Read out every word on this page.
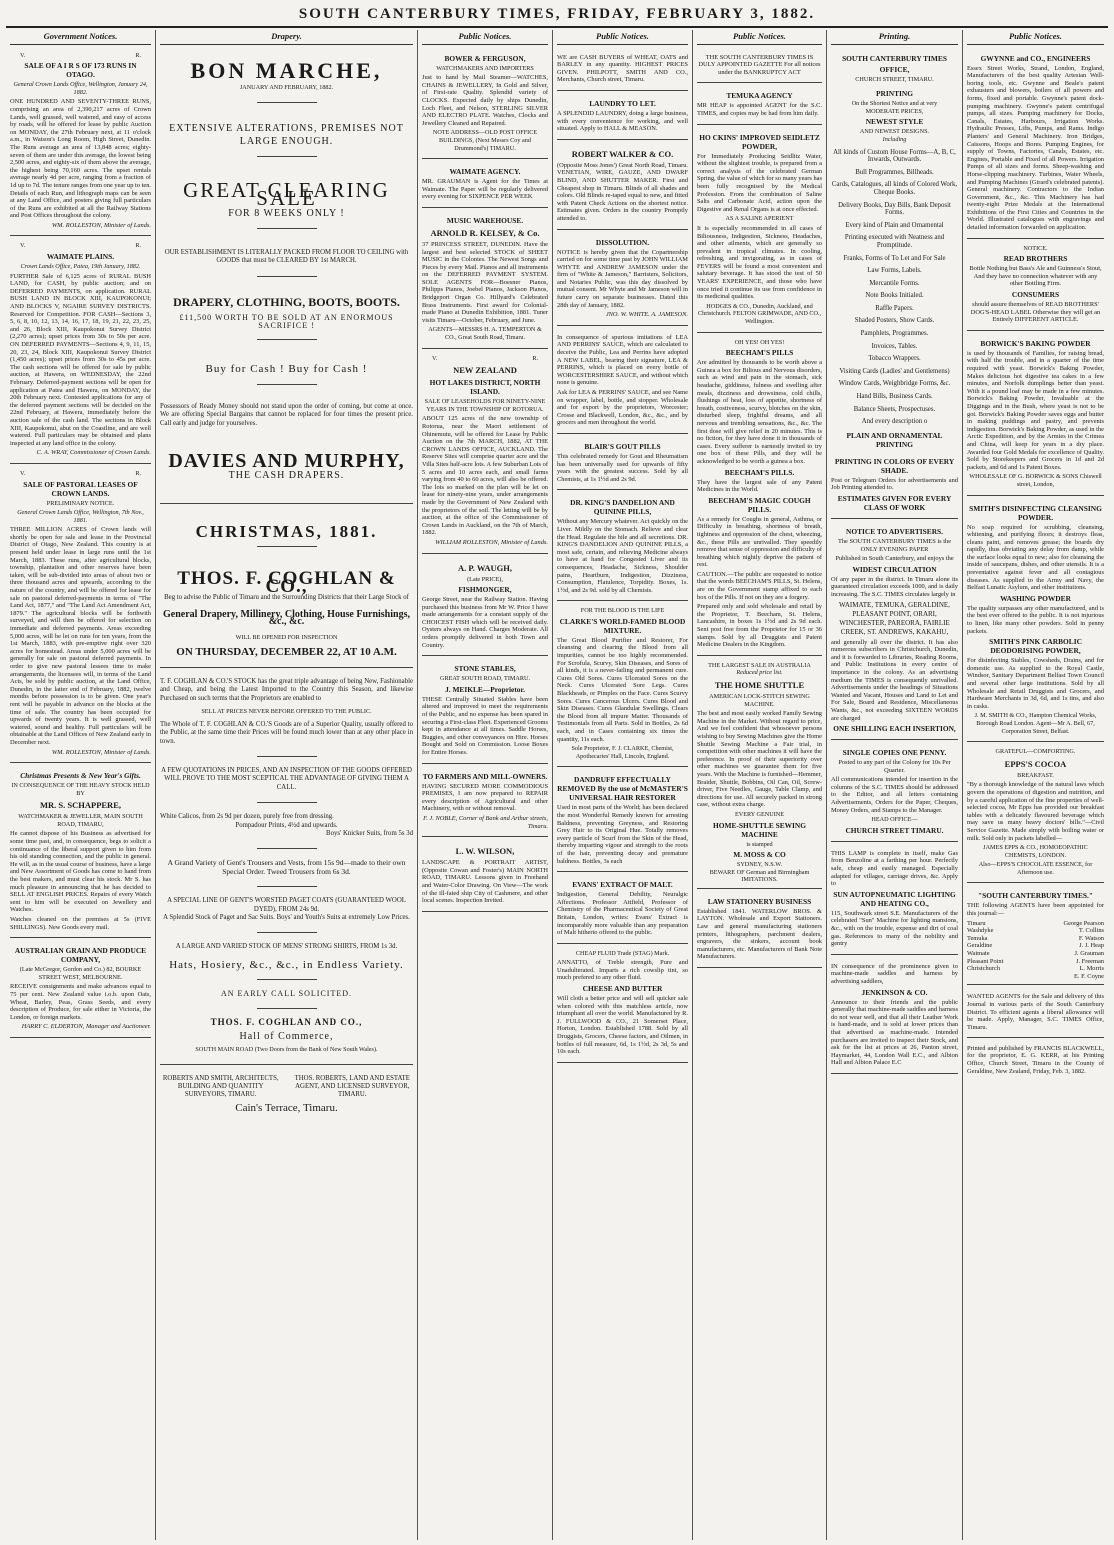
SOUTH CANTERBURY TIMES, FRIDAY, FEBRUARY 3, 1882.
Government Notices.
V.	R.
SALE OF A I R S OF 173 RUNS IN OTAGO.

General Crown Lands Office, Wellington, January 24, 1882.

ONE HUNDRED AND SEVENTY-THREE RUNS, comprising an area of 2,390,217 acres of Crown Lands, well grassed, well watered, and easy of access by roads, will be offered for lease by public Auction on MONDAY, the 27th February next, at 11 o'clock a.m., in Watson's Long Room, High Street, Dunedin. The Runs average an area of 13,848 acres; eighty-seven of them are under this average, the lowest being 2,500 acres, and eighty-six of them above the average, the highest being 70,160 acres. The upset rentals average nearly 4d per acre, ranging from a fraction of 1d up to 7d. The tenure ranges from one year up to ten. Details of each Run, and lithograph maps can be seen at any Land Office, and posters giving full particulars of the Runs are exhibited at all the Railway Stations and Post Offices throughout the colony.

WM. ROLLESTON, Minister of Lands.

V.	R.
WAIMATE PLAINS.

Crown Lands Office, Patea, 19th January, 1882.

FURTHER Sale of 6,125 acres of RURAL BUSH LAND, for CASH, by public auction; and on DEFERRED PAYMENTS, on application. RURAL BUSH LAND IN BLOCK XIII, KAUPOKONUI; AND BLOCKS V, NGAIRE SURVEY DISTRICTS. Reserved for Competition. FOR CASH—Sections 3, 5, 6, 8, 10, 12, 13, 14, 16, 17, 18, 19, 21, 22, 23, 25, and 26, Block XIII, Kaupokonui Survey District (2,270 acres); upset prices from 30s to 50s per acre. ON DEFERRED PAYMENTS—Sections 4, 9, 11, 15, 20, 23, 24, Block XIII, Kaupokonui Survey District (1,450 acres); upset prices from 30s to 45s per acre. The cash sections will be offered for sale by public auction, at Hawera, on WEDNESDAY, the 22nd February. Deferred-payment sections will be open for application at Patea and Hawera, on MONDAY, the 20th February next. Contested applications for any of the deferred payment sections will be decided on the 22nd February, at Hawera, immediately before the auction sale of the cash land. The sections in Block XIII, Kaupokonui, abut on the Coastline, and are well watered. Full particulars may be obtained and plans inspected at any land office in the colony.

C. A. WRAY, Commissioner of Crown Lands.

V.	R.
SALE OF PASTORAL LEASES OF CROWN LANDS.

PRELIMINARY NOTICE.

General Crown Lands Office, Wellington, 7th Nov., 1881.

THREE MILLION ACRES of Crown lands will shortly be open for sale and lease in the Provincial District of Otago, New Zealand. This country is at present held under lease in large runs until the 1st March, 1883. These runs, after agricultural blocks, township, plantation and other reserves have been taken, will be sub-divided into areas of about two or three thousand acres and upwards, according to the nature of the country, and will be offered for lease for sale on pastoral deferred-payments in terms of "The Land Act, 1877," and "The Land Act Amendment Act, 1879." The agricultural blocks will be forthwith surveyed, and will then be offered for selection on immediate and deferred payments. Areas exceeding 5,000 acres, will be let on runs for ten years, from the 1st March, 1883, with pre-emptive right over 320 acres for homestead. Areas under 5,000 acres will be generally for sale on pastoral deferred payments. In order to give new pastoral lessees time to make arrangements, the licensees will, in terms of the Land Acts, be sold by public auction, at the Land Office, Dunedin, in the latter end of February, 1882, twelve months before possession is to be given. One year's rent will be payable in advance on the blocks at the time of sale. The country has been occupied for upwards of twenty years. It is well grassed, well watered, sound and healthy. Full particulars will be obtainable at the Land Offices of New Zealand early in December next.

WM. ROLLESTON, Minister of Lands.

Christmas Presents & New Year's Gifts.

IN CONSEQUENCE OF THE HEAVY STOCK HELD BY

MR. S. SCHAPPERE,

WATCHMAKER & JEWELLER, MAIN SOUTH ROAD, TIMARU,

He cannot dispose of his Business as advertised for some time past, and, in consequence, begs to solicit a continuance of the liberal support given to him from his old standing connection, and the public in general. He will, as in the usual course of business, have a large and New Assortment of Goods has come to hand from the best makers, and must clear his stock. Mr S. has much pleasure in announcing that he has decided to SELL AT ENGLISH PRICES. Repairs of every Watch sent to him will be executed on Jewellery and Watches.

Watches cleaned on the premises at 5s (FIVE SHILLINGS). New Goods every mail.

AUSTRALIAN GRAIN AND PRODUCE COMPANY,

(Late McGregor, Gordon and Co.) 82, BOURKE STREET WEST, MELBOURNE.

RECEIVE consignments and make advances equal to 75 per cent. New Zealand value i.o.b. upon Oats, Wheat, Barley, Peas, Grass Seeds, and every description of Produce, for sale either in Victoria, the London, or foreign markets.

HARRY C. ELDERTON, Manager and Auctioneer.

Drapery.
BON MARCHE,
JANUARY AND FEBRUARY, 1882.
EXTENSIVE ALTERATIONS, PREMISES NOT
LARGE ENOUGH.
GREAT CLEARING SALE
FOR 8 WEEKS ONLY !
OUR ESTABLISHMENT IS LITERALLY PACKED FROM FLOOR TO CEILING with GOODS that must be CLEARED BY 1st MARCH.
DRAPERY, CLOTHING, BOOTS, BOOTS.
£11,500 WORTH TO BE SOLD AT AN ENORMOUS SACRIFICE !
Buy for Cash ! Buy for Cash !
Possessors of Ready Money should not stand upon the order of coming, but come at once. We are offering Special Bargains that cannot be replaced for four times the present price. Call early and judge for yourselves.
DAVIES AND MURPHY,
THE CASH DRAPERS.
CHRISTMAS, 1881.
THOS. F. COGHLAN & CO.,
Beg to advise the Public of Timaru and the Surrounding Districts that their Large Stock of
General Drapery, Millinery, Clothing, House Furnishings, &c., &c.
WILL BE OPENED FOR INSPECTION
ON THURSDAY, DECEMBER 22, AT 10 A.M.
T. F. COGHLAN & CO.'S STOCK has the great triple advantage of being New, Fashionable and Cheap, and being the Latest Imported to the Country this Season, and likewise Purchased on such terms that the Proprietors are enabled to
SELL AT PRICES NEVER BEFORE OFFERED TO THE PUBLIC.
The Whole of T. F. COGHLAN & CO.'S Goods are of a Superior Quality, usually offered to the Public, at the same time their Prices will be found much lower than at any other place in town.
A FEW QUOTATIONS IN PRICES, AND AN INSPECTION OF THE GOODS OFFERED WILL PROVE TO THE MOST SCEPTICAL THE ADVANTAGE OF GIVING THEM A CALL.
White Calicos, from 2s 9d per dozen, purely free from dressing.
Pompadour Prints, 4½d and upwards.
Boys' Knicker Suits, from 5s 3d
A Grand Variety of Gent's Trousers and Vests, from 15s 9d—made to their own Special Order. Tweed Trousers from 6s 3d.
A SPECIAL LINE OF GENT'S WORSTED PAGET COATS (GUARANTEED WOOL DYED), FROM 24s 9d.
A Splendid Stock of Paget and Sac Suits. Boys' and Youth's Suits at extremely Low Prices.
A LARGE AND VARIED STOCK OF MENS' STRONG SHIRTS, FROM 1s 3d.
Hats, Hosiery, &c., &c., in Endless Variety.
AN EARLY CALL SOLICITED.
THOS. F. COGHLAN AND CO.,
Hall of Commerce,
SOUTH MAIN ROAD (Two Doors from the Bank of New South Wales).
ROBERTS AND SMITH, ARCHITECTS, BUILDING AND QUANTITY SURVEYORS, TIMARU.
THOS. ROBERTS, LAND AND ESTATE AGENT, AND LICENSED SURVEYOR, TIMARU.
Cain's Terrace, Timaru.
Public Notices.
BOWER & FERGUSON,
WATCHMAKERS AND IMPORTERS

Just to hand by Mail Steamer—WATCHES, CHAINS & JEWELLERY, In Gold and Silver, of First-rate Quality. Splendid variety of CLOCKS. Expected daily by ships Dunedin, Loch Fleet, and Nelson, STERLING SILVER AND ELECTRO PLATE. Watches, Clocks and Jewellery Cleaned and Repaired.

NOTE ADDRESS—OLD POST OFFICE BUILDINGS, (Next Messrs Coy and Drummond's) TIMARU.

WAIMATE AGENCY.

MR. GRAUMAN is Agent for the Times at Waimate. The Paper will be regularly delivered every evening for SIXPENCE PER WEEK

MUSIC WAREHOUSE.
ARNOLD R. KELSEY, & Co.

37 PRINCESS STREET, DUNEDIN. Have the largest and best selected STOCK of SHEET MUSIC in the Colonies. The Newest Songs and Pieces by every Mail. Pianos and all instruments on the DEFERRED PAYMENT SYSTEM. SOLE AGENTS FOR—Boesner Pianos, Philipps Pianos, Joebel Pianos, Jackson Pianos, Bridgeport Organ Co. Hillyard's Celebrated Brass Instruments. First award for Colonial-made Piano at Dunedin Exhibition, 1881. Tuner visits Timaru—October, February, and June.

AGENTS—MESSRS H. A. TEMPERTON & CO., Great South Road, Timaru.

V.	R.
NEW ZEALAND
HOT LAKES DISTRICT, NORTH ISLAND.
SALE OF LEASEHOLDS FOR NINETY-NINE YEARS IN THE TOWNSHIP OF ROTORUA.

ABOUT 125 acres of the new township of Rotorua, near the Maori settlement of Ohinemutu, will be offered for Lease by Public Auction on the 7th MARCH, 1882, AT THE CROWN LANDS OFFICE, AUCKLAND. The Reserve Sites will comprise quarter acre and the Villa Sites half-acre lots. A few Suburban Lots of 5 acres and 10 acres each, and small farms varying from 40 to 60 acres, will also be offered. The lots so marked on the plan will be let on lease for ninety-nine years, under arrangements made by the Government of New Zealand with the proprietors of the soil. The letting will be by auction, at the office of the Commissioner of Crown Lands in Auckland, on the 7th of March, 1882.

WILLIAM ROLLESTON, Minister of Lands.

A. P. WAUGH,
(Late PRICE),
FISHMONGER,

George Street, near the Railway Station. Having purchased this business from Mr W. Price I have made arrangements for a constant supply of the CHOICEST FISH which will be received daily. Oysters always on Hand. Charges Moderate. All orders promptly delivered in both Town and Country.

STONE STABLES,
GREAT SOUTH ROAD, TIMARU.
J. MEIKLE—Proprietor.

THESE Centrally Situated Stables have been altered and improved to meet the requirements of the Public, and no expense has been spared in securing a First-class Fleet. Experienced Grooms kept in attendance at all times. Saddle Horses, Buggies, and other conveyances on Hire. Horses Bought and Sold on Commission. Loose Boxes for Entire Horses.

TO FARMERS AND MILL-OWNERS.

HAVING SECURED MORE COMMODIOUS PREMISES, I am now prepared to REPAIR every description of Agricultural and other Machinery, with or without removal.

F. J. NOBLE, Corner of Bank and Arthur streets, Timaru.

L. W. WILSON,

LANDSCAPE & PORTRAIT ARTIST, (Opposite Cowan and Foster's) MAIN NORTH ROAD, TIMARU. Lessons given in Freehand and Water-Color Drawing. On View—The work of the ill-fated ship City of Cashmere, and other local scenes. Inspection Invited.

Public Notices.

WE are CASH BUYERS of WHEAT, OATS and BARLEY in any quantity. HIGHEST PRICES GIVEN. PHILPOTT, SMITH AND CO., Merchants, Church street, Timaru.

LAUNDRY TO LET.

A SPLENDID LAUNDRY, doing a large business, with every convenience for working, and well situated. Apply to HALL & MEASON.

ROBERT WALKER & CO.

(Opposite Moss Jones') Great North Road, Timaru. VENETIAN, WIRE, GAUZE, AND DWARF BLIND, AND SHUTTER MAKER. First and Cheapest shop in Timaru. Blinds of all shades and colors. Old Blinds re-taped equal to new, and fitted with Patent Check Actions on the shortest notice. Estimates given. Orders in the country Promptly attended to.

DISSOLUTION.

NOTICE is hereby given that the Copartnership carried on for some time past by JOHN WILLIAM WHYTE and ANDREW JAMESON under the firm of "White & Jameson," Barristers, Solicitors, and Notaries Public, was this day dissolved by mutual consent. Mr Whyte and Mr Jameson will in future carry on separate businesses. Dated this 28th day of January, 1882.

JNO. W. WHITE. A. JAMESON.

In consequence of spurious imitations of LEA AND PERRINS' SAUCE, which are calculated to deceive the Public, Lea and Perrins have adopted A NEW LABEL, bearing their signature, LEA & PERRINS, which is placed on every bottle of WORCESTERSHIRE SAUCE, and without which none is genuine.

Ask for LEA & PERRINS' SAUCE, and see Name on wrapper, label, bottle, and stopper. Wholesale and for export by the proprietors, Worcester; Crosse and Blackwell, London, &c., &c., and by grocers and men throughout the world.

BLAIR'S GOUT PILLS

This celebrated remedy for Gout and Rheumatism has been universally used for upwards of fifty years with the greatest success. Sold by all Chemists, at 1s 1½d and 2s 9d.

DR. KING'S DANDELION AND QUININE PILLS,

Without any Mercury whatever. Act quickly on the Liver. Mildly on the Stomach. Relieve and clear the Head. Regulate the bile and all secretions. DR. KING'S DANDELION AND QUININE PILLS, a most safe, certain, and relieving Medicine always to have at hand for Congested Liver and its consequences, Headache, Sickness, Shoulder pains, Heartburn, Indigestion, Dizziness, Consumption, Flatulence, Torpidity. Boxes, 1s. 1½d, and 2s 9d. sold by all Chemists.

FOR THE BLOOD IS THE LIFE
CLARKE'S WORLD-FAMED BLOOD MIXTURE.

The Great Blood Purifier and Restorer, For cleansing and clearing the Blood from all impurities, cannot be too highly recommended. For Scrofula, Scurvy, Skin Diseases, and Sores of all kinds, it is a never-failing and permanent cure. Cures Old Sores. Cures Ulcerated Sores on the Neck. Cures Ulcerated Sore Legs. Cures Blackheads, or Pimples on the Face. Cures Scurvy Sores. Cures Cancerous Ulcers. Cures Blood and Skin Diseases. Cures Glandular Swellings. Clears the Blood from all impure Matter. Thousands of Testimonials from all Parts. Sold in Bottles, 2s 6d each, and in Cases containing six times the quantity, 11s each.

Sole Proprietor, F. J. CLARKE, Chemist, Apothecaries' Hall, Lincoln, England.

DANDRUFF EFFECTUALLY REMOVED By the use of McMASTER'S UNIVERSAL HAIR RESTORER

Used in most parts of the World; has been declared the most Wonderful Remedy known for arresting Baldness, preventing Greyness, and Restoring Grey Hair to its Original Hue. Totally removes every particle of Scurf from the Skin of the Head, thereby imparting vigour and strength to the roots of the hair, preventing decay and premature baldness. Bottles, 3s each

EVANS' EXTRACT OF MALT.

Indigestion, General Debility, Neuralgic Affections. Professor Attfield, Professor of Chemistry of the Pharmaceutical Society of Great Britain, London, writes: Evans' Extract is incomparably more valuable than any preparation of Malt hitherto offered to the public.

CHEAP FLUID Trade (STAG) Mark.

ANNATTO, of Treble strength, Pure and Unadulterated. Imparts a rich cowslip tint, so much prefered to any other fluid.

CHEESE AND BUTTER

Will cloth a better price and will sell quicker sale when colored with this matchless article, now triumphant all over the world. Manufactured by R. J. FULLWOOD & CO., 21 Somerset Place, Horton, London. Established 1788. Sold by all Druggists, Grocers, Cheese factors, and Oilmen, in bottles of full measure, 6d, 1s 1½d, 2s 3d, 5s and 10s each.

Public Notices.

THE SOUTH CANTERBURY TIMES IS DULY APPOINTED GAZETTE For all notices under the BANKRUPTCY ACT

TEMUKA AGENCY

MR HEAP is appointed AGENT for the S.C. TIMES, and copies may be had from him daily.

HO CKINS' IMPROVED SEIDLETZ POWDER,

For Immediately Producing Seidlitz Water, without the slightest trouble, is prepared from a correct analysis of the celebrated German Spring, the value of which for so many years has been fully recognised by the Medical Profession. From the combination of Saline Salts and Carbonate Acid, action upon the Digestive and Renal Organs is at once effected.

AS A SALINE APERIENT

It is especially recommended in all cases of Biliousness, Indigestion, Sickness, Headaches, and other ailments, which are generally so prevalent in tropical climates. In cooling, refreshing, and invigorating, as in cases of FEVERS will be found a most convenient and salutary beverage. It has stood the test of 50 YEARS' EXPERIENCE, and those who have once tried it continue its use from confidence in its medicinal qualities.

HODGES & CO., Dunedin, Auckland, and Christchurch. FELTON GRIMWADE, AND CO., Wellington.

OH YES! OH YES!
BEECHAM'S PILLS

Are admitted by thousands to be worth above a Guinea a box for Bilious and Nervous disorders, such as wind and pain in the stomach, sick headache, giddiness, fulness and swelling after meals, dizziness and drowsiness, cold chills, flushings of heat, loss of appetite, shortness of breath, costiveness, scurvy, blotches on the skin, disturbed sleep, frightful dreams, and all nervous and trembling sensations, &c., &c. The first dose will give relief in 20 minutes. This is no fiction, for they have done it in thousands of cases. Every sufferer is earnestly invited to try one box of these Pills, and they will be acknowledged to be worth a guinea a box.

BEECHAM'S PILLS.

They have the largest sale of any Patent Medicines in the World.

BEECHAM'S MAGIC COUGH PILLS.

As a remedy for Coughs in general, Asthma, or Difficulty in breathing, shortness of breath, tightness and oppression of the chest, wheezing, &c., these Pills are unrivalled. They speedily remove that sense of oppression and difficulty of breathing which nightly deprive the patient of rest.

CAUTION.—The public are requested to notice that the words BEECHAM'S PILLS, St. Helens, are on the Government stamp affixed to each box of the Pills. If not on they are a forgery.

Prepared only and sold wholesale and retail by the Proprietor, T. Beecham, St. Helens, Lancashire, in boxes 1s 1½d and 2s 9d each. Sent post free from the Proprietor for 15 or 36 stamps. Sold by all Druggists and Patent Medicine Dealers in the Kingdom.

THE LARGEST SALE IN AUSTRALIA
Reduced price list.
THE HOME SHUTTLE
AMERICAN LOCK-STITCH SEWING MACHINE.

The best and most easily worked Family Sewing Machine in the Market. Without regard to price, And we feel confident that whosoever persons wishing to buy Sewing Machines give the Home Shuttle Sewing Machine a Fair trial, in competition with other machines it will have the preference. In proof of their superiority over other machines we guarantee them for five years. With the Machine is furnished—Hemmer, Braider, Shuttle, Bobbins, Oil Can, Oil, Screw-driver, Five Needles, Gauge, Table Clamp, and directions for use. All securely packed in strong case, without extra charge.

EVERY GENUINE
HOME-SHUTTLE SEWING MACHINE
is stamped
M. MOSS & CO
SYDNEY, N.S.W.
BEWARE OF German and Birmingham IMITATIONS.
LAW STATIONERY BUSINESS

Established 1841. WATERLOW BROS. & LAYTON. Wholesale and Export Stationers. Law and general manufacturing stationers printers, lithographers, parchment dealers, engravers, die sinkers, account book manufacturers, etc. Manufacturers of Bank Note Manufacturers.

Printing.
SOUTH CANTERBURY TIMES
OFFICE,
CHURCH STREET, TIMARU.
PRINTING
On the Shortest Notice and at very
MODERATE PRICES,
NEWEST STYLE
AND NEWEST DESIGNS.
Including

All kinds of Custom House Forms—A, B, C, Inwards, Outwards.

Bull Programmes, Billheads.

Cards, Catalogues, all kinds of Colored Work, Cheque Books.

Delivery Books, Day Bills, Bank Deposit Forms.

Every kind of Plain and Ornamental

Printing executed with Neatness and Promptitude.

Franks, Forms of To Let and For Sale

Law Forms, Labels.

Mercantile Forms.

Note Books Initialed.

Raffle Papers.

Shaded Posters, Show Cards.

Pamphlets, Programmes.

Invoices, Tables.

Tobacco Wrappers.

Visiting Cards (Ladies' and Gentlemens)

Window Cards, Weighbridge Forms, &c.

Hand Bills, Business Cards.

Balance Sheets, Prospectuses.

And every description o

PLAIN AND ORNAMENTAL PRINTING
PRINTING IN COLORS OF EVERY SHADE.

Post or Telegram Orders for advertisements and Job Printing attended to.

ESTIMATES GIVEN FOR EVERY CLASS OF WORK
NOTICE TO ADVERTISERS.

The SOUTH CANTERBURY TIMES is the ONLY EVENING PAPER

Published in South Canterbury, and enjoys the

WIDEST CIRCULATION

Of any paper in the district. In Timaru alone its guaranteed circulation exceeds 1000, and is daily increasing. The S.C. TIMES circulates largely in

WAIMATE, TEMUKA, GERALDINE, PLEASANT POINT, ORARI, WINCHESTER, PAREORA, FAIRLIE CREEK, ST. ANDREWS, KAKAHU,

and generally all over the district. It has also numerous subscribers in Christchurch, Dunedin, and it is forwarded to Libraries, Reading Rooms, and Public Institutions in every centre of importance in the colony. As an advertising medium the TIMES is consequently unrivalled. Advertisements under the headings of Situations Wanted and Vacant, Houses and Land to Let and For Sale, Board and Residence, Miscellaneous Wants, &c., not exceeding SIXTEEN WORDS are charged

ONE SHILLING EACH INSERTION,
SINGLE COPIES ONE PENNY.

Posted to any part of the Colony for 10s Per Quarter.

All communications intended for insertion in the columns of the S.C. TIMES should be addressed to the Editor, and all letters containing Advertisements, Orders for the Paper, Cheques, Money Orders, and Stamps to the Manager.

HEAD OFFICE—
CHURCH STREET TIMARU.

THIS LAMP is complete in itself, make Gas from Benzoline at a farthing per hour. Perfectly safe, cheap and easily managed. Especially adapted for villages, carriage drives, &c. Apply to

SUN AUTOPNEUMATIC LIGHTING AND HEATING CO.,

115, Southwark street S.E. Manufacturers of the celebrated "Sun" Machine for lighting mansions, &c., with on the trouble, expense and dirt of coal gas. References to many of the nobility and gentry

IN consequence of the prominence given to machine-made saddles and harness by advertising saddlers,

JENKINSON & CO.

Announce to their friends and the public generally that machine-made saddles and harness do not wear well, and that all their Leather Work is hand-made, and is sold at lower prices than that advertised as machine-made. Intended purchasers are invited to inspect their Stock, and ask for the list at prices at 26, Panton street, Haymarket, 44, London Wall E.C., and Albion Hall and Albion Palace E.C

Public Notices.
GWYNNE and CO., ENGINEERS

Essex Street Works, Strand, London, England, Manufacturers of the best quality Artesian Well-boring tools, etc. Gwynne and Beale's patent exhausters and blowers, boilers of all powers and forms, fixed and portable. Gwynne's patent dock-pumping machinery. Gwynne's patent centrifugal pumps, all sizes. Pumping machinery for Docks, Canals, Estates, Harbours, Irrigation Works. Hydraulic Presses, Lifts, Pumps, and Rams. Indigo Planters' and General Machinery. Iron Bridges, Caissons, Hoops and Bores. Pumping Engines, for supply of Towns, Factories, Canals, Estates, etc. Engines, Portable and Fixed of all Powers. Irrigation Pumps of all sizes and forms. Sheep-washing and Horse-clipping machinery. Turbines, Water Wheels, and Pumping Machines (Girard's celebrated patents). General machinery. Contractors to the Indian Government, &c., &c. This Machinery has had twenty-eight Prize Medals at the International Exhibitions of the First Cities and Countries in the World. Illustrated catalogues with engravings and detailed information forwarded on application.

NOTICE.
READ BROTHERS

Bottle Nothing but Bass's Ale and Guinness's Stout, And they have no connection whatever with any other Bottling Firm.

CONSUMERS

should assure themselves of READ BROTHERS' DOG'S-HEAD LABEL Otherwise they will get an Entirely DIFFERENT ARTICLE.

BORWICK'S BAKING POWDER

is used by thousands of Families, for raising bread, with half the trouble, and in a quarter of the time required with yeast. Borwick's Baking Powder, Makes delicious hot digestive tea cakes in a few minutes, and Norfolk dumplings better than yeast. With it a pound loaf may be made in a few minutes. Borwick's Baking Powder, Invaluable at the Diggings and in the Bush, where yeast is not to be got. Borwick's Baking Powder saves eggs and butter in making puddings and pastry, and prevents indigestion. Borwick's Baking Powder, as used in the Arctic Expedition, and by the Armies in the Crimea and China, will keep for years in a dry place. Awarded four Gold Medals for excellence of Quality. Sold by Storekeepers and Grocers in 1d and 2d packets, and 6d and 1s Patent Boxes.

WHOLESALE OF G. BORWICK & SONS Chiswell street, London,

SMITH'S DISINFECTING CLEANSING POWDER.

No soap required for scrubbing, cleansing, whitening, and purifying floors; it destroys fleas, cleans paint, and removes grease; the boards dry rapidly, thus obviating any delay from damp, while the surface looks equal to new; also for cleansing the inside of saucepans, dishes, and other utensils. It is a preventative against fever and all contagious diseases. As supplied to the Army and Navy, the Belfast Lunatic Asylum, and other institutions.

WASHING POWDER

The quality surpasses any other manufactured, and is the best ever offered to the public. It is not injurious to linen, like many other powders. Sold in penny packets.

SMITH'S PINK CARBOLIC DEODORISING POWDER,

For disinfecting Stables, Cowsheds, Drains, and for domestic use. As supplied to the Royal Castle, Windsor, Sanitary Department Belfast Town Council and several other large institutions. Sold by all Wholesale and Retail Druggists and Grocers, and Hardware Merchants in 3d, 6d, and 1s tins, and also in casks.

J. M. SMITH & CO., Hampton Chemical Works, Borough Road London. Agent—Mr A. Bell, 67, Corporation Street, Belfast.

GRATEFUL—COMFORTING.
EPPS'S COCOA
BREAKFAST.

"By a thorough knowledge of the natural laws which govern the operations of digestion and nutrition, and by a careful application of the fine properties of well-selected cocoa, Mr Epps has provided our breakfast tables with a delicately flavoured beverage which may save us many heavy doctors' bills."—Civil Service Gazette. Made simply with boiling water or milk. Sold only in packets labelled—

JAMES EPPS & CO., HOMOEOPATHIC CHEMISTS, LONDON.

Also—EPPS'S CHOCOLATE ESSENCE, for Afternoon use.

"SOUTH CANTERBURY TIMES."

THE following AGENTS have been appointed for this journal:—

Timaru	George Pearson
Washdyke	T. Collins
Temuka	F. Watson
Geraldine	J. J. Heap
Waimate	J. Grauman
Pleasant Point	J. Freeman
Christchurch	L. Morris
E. F. Coyne

WANTED AGENTS for the Sale and delivery of this Journal in various parts of the South Canterbury District. To efficient agents a liberal allowance will be made. Apply, Manager, S.C. TIMES Office, Timaru.

Printed and published by FRANCIS BLACKWELL, for the proprietor, E. G. KERR, at his Printing Office, Church Street, Timaru in the County of Geraldine, New Zealand, Friday, Feb. 3, 1882.
